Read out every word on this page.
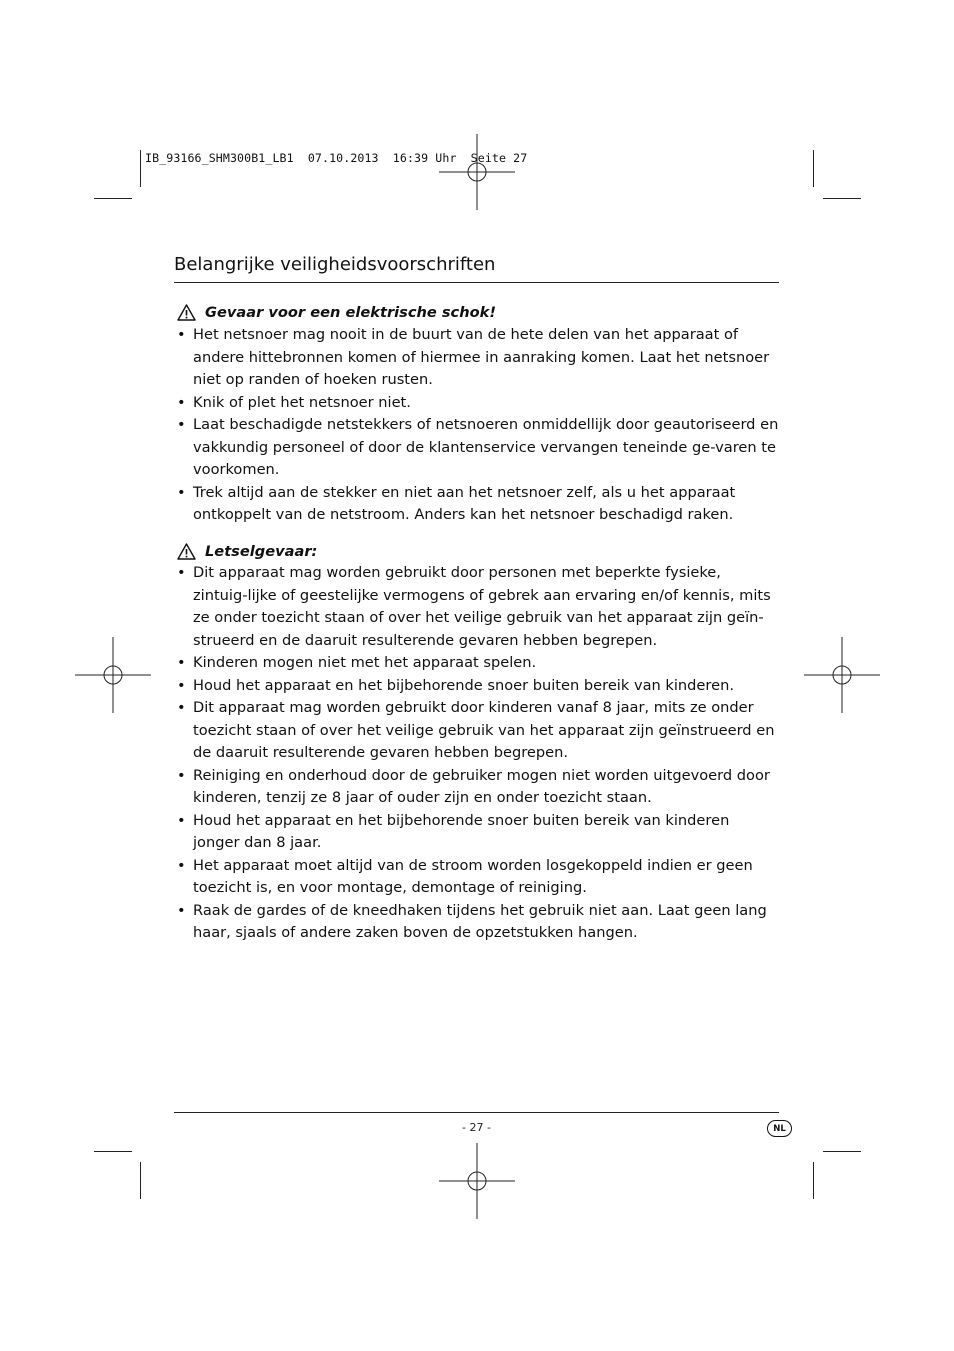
IB_93166_SHM300B1_LB1  07.10.2013  16:39 Uhr  Seite 27
Belangrijke veiligheidsvoorschriften
Gevaar voor een elektrische schok!
• Het netsnoer mag nooit in de buurt van de hete delen van het apparaat of andere hittebronnen komen of hiermee in aanraking komen. Laat het netsnoer niet op randen of hoeken rusten.
• Knik of plet het netsnoer niet.
• Laat beschadigde netstekkers of netsnoeren onmiddellijk door geautoriseerd en vakkundig personeel of door de klantenservice vervangen teneinde ge-varen te voorkomen.
• Trek altijd aan de stekker en niet aan het netsnoer zelf, als u het apparaat ontkoppelt van de netstroom. Anders kan het netsnoer beschadigd raken.
Letselgevaar:
• Dit apparaat mag worden gebruikt door personen met beperkte fysieke, zintuig-lijke of geestelijke vermogens of gebrek aan ervaring en/of kennis, mits ze onder toezicht staan of over het veilige gebruik van het apparaat zijn geïn-strueerd en de daaruit resulterende gevaren hebben begrepen.
• Kinderen mogen niet met het apparaat spelen.
• Houd het apparaat en het bijbehorende snoer buiten bereik van kinderen.
• Dit apparaat mag worden gebruikt door kinderen vanaf 8 jaar, mits ze onder toezicht staan of over het veilige gebruik van het apparaat zijn geïnstrueerd en de daaruit resulterende gevaren hebben begrepen.
• Reiniging en onderhoud door de gebruiker mogen niet worden uitgevoerd door kinderen, tenzij ze 8 jaar of ouder zijn en onder toezicht staan.
• Houd het apparaat en het bijbehorende snoer buiten bereik van kinderen jonger dan 8 jaar.
• Het apparaat moet altijd van de stroom worden losgekoppeld indien er geen toezicht is, en voor montage, demontage of reiniging.
• Raak de gardes of de kneedhaken tijdens het gebruik niet aan. Laat geen lang haar, sjaals of andere zaken boven de opzetstukken hangen.
- 27 -	NL
